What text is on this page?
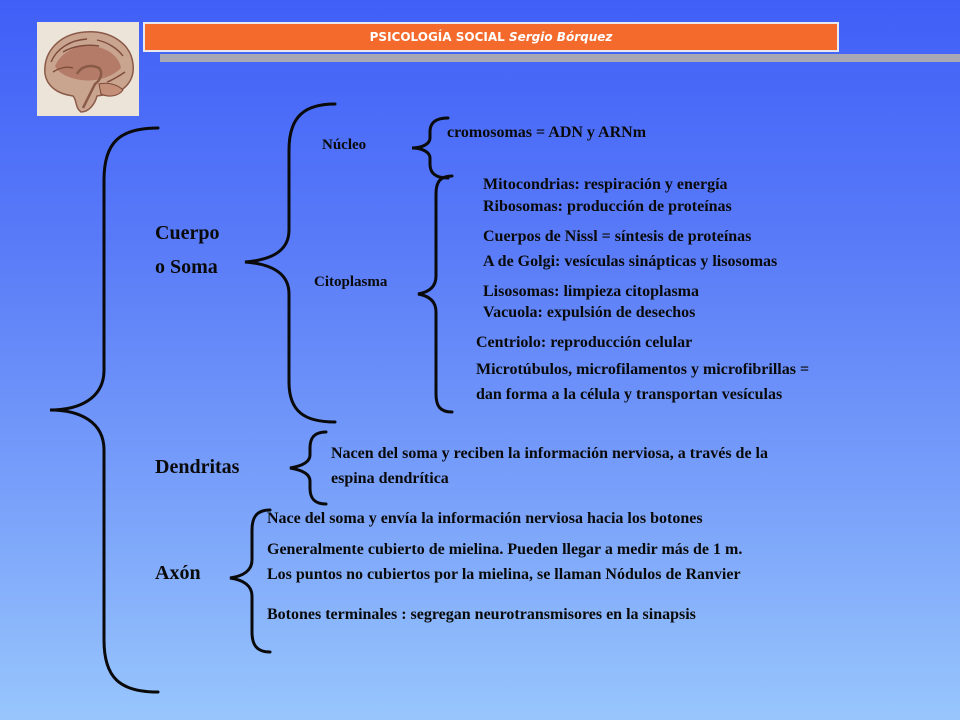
PSICOLOGÍA SOCIAL Sergio Bórquez
Cuerpo
o Soma
Dendritas
Axón
Núcleo
Citoplasma
cromosomas = ADN y ARNm
Mitocondrias: respiración y energía
Ribosomas: producción de proteínas
Cuerpos de Nissl = síntesis de proteínas
A de Golgi: vesículas sinápticas y lisosomas
Lisosomas: limpieza citoplasma
Vacuola: expulsión de desechos
Centriolo: reproducción celular
Microtúbulos, microfilamentos y microfibrillas =
dan forma a la célula y transportan vesículas
Nacen del soma y reciben la información nerviosa, a través de la
espina dendrítica
Nace del soma y envía la información nerviosa hacia los botones
Generalmente cubierto de mielina. Pueden llegar a medir más de 1 m.
Los puntos no cubiertos por la mielina, se llaman Nódulos de Ranvier
Botones terminales : segregan neurotransmisores en la sinapsis
